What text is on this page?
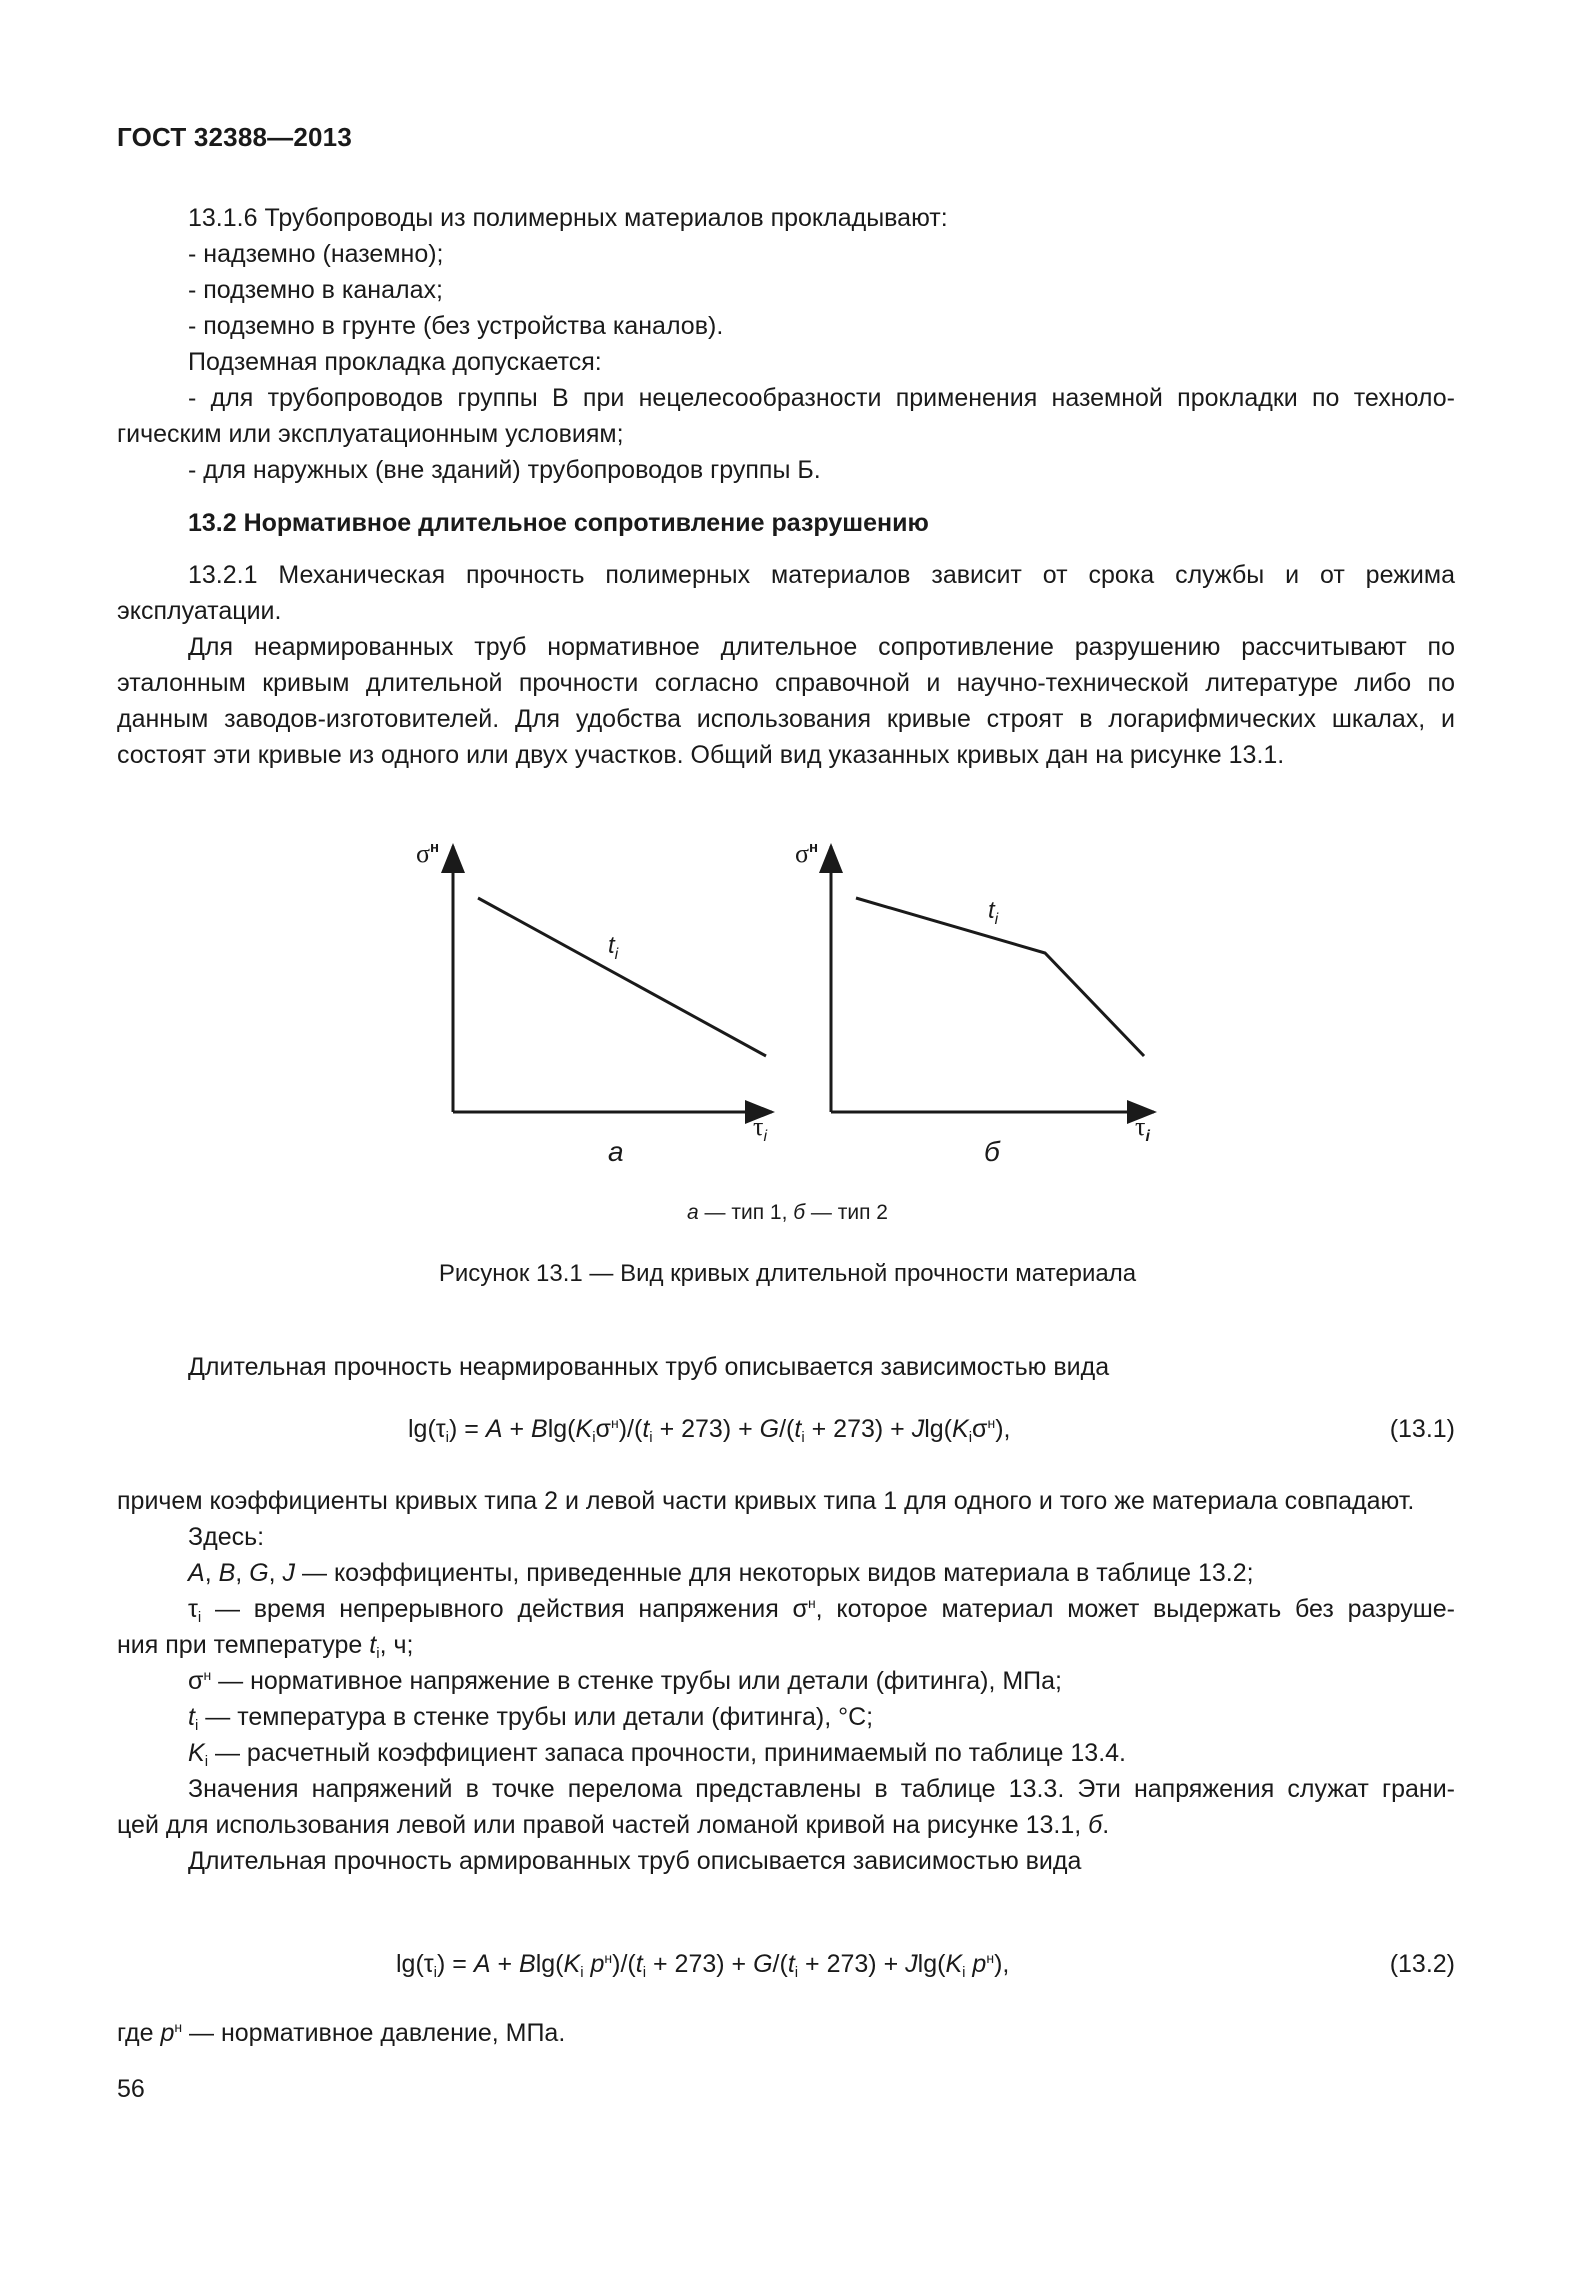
ГОСТ 32388—2013

13.1.6 Трубопроводы из полимерных материалов прокладывают:

- надземно (наземно);

- подземно в каналах;

- подземно в грунте (без устройства каналов).

Подземная прокладка допускается:

- для трубопроводов группы В при нецелесообразности применения наземной прокладки по техноло-

гическим или эксплуатационным условиям;

- для наружных (вне зданий) трубопроводов группы Б.

13.2 Нормативное длительное сопротивление разрушению

13.2.1 Механическая прочность полимерных материалов зависит от срока службы и от режима эксплуатации.

Для неармированных труб нормативное длительное сопротивление разрушению рассчитывают по эталонным кривым длительной прочности согласно справочной и научно-технической литературе либо по данным заводов-изготовителей. Для удобства использования кривые строят в логарифмических шкалах, и состоят эти кривые из одного или двух участков. Общий вид указанных кривых дан на рисунке 13.1.

$\sigma^н$
$t_i$
$\tau_i$
а
$\sigma^н$
$t_i$
$\tau_i$
б
а — тип 1, б — тип 2
Рисунок 13.1 — Вид кривых длительной прочности материала

Длительная прочность неармированных труб описывается зависимостью вида

$\lg(\tau_i) = A + Blg(K_i\sigma^н)/(t_i + 273) + G/(t_i + 273) + Jlg(K_i\sigma^н)$,	(13.1)

причем коэффициенты кривых типа 2 и левой части кривых типа 1 для одного и того же материала совпадают.

Здесь:

A, B, G, J — коэффициенты, приведенные для некоторых видов материала в таблице 13.2;

$\tau_i$ — время непрерывного действия напряжения $\sigma^н$, которое материал может выдержать без разруше-

ния при температуре $t_i$, ч;

$\sigma^н$ — нормативное напряжение в стенке трубы или детали (фитинга), МПа;

$t_i$ — температура в стенке трубы или детали (фитинга), °С;

$K_i$ — расчетный коэффициент запаса прочности, принимаемый по таблице 13.4.

Значения напряжений в точке перелома представлены в таблице 13.3. Эти напряжения служат грани-

цей для использования левой или правой частей ломаной кривой на рисунке 13.1, б.

Длительная прочность армированных труб описывается зависимостью вида

$\lg(\tau_i) = A + Blg(K_i$ $p^н)/(t_i + 273) + G/(t_i + 273) + Jlg(K_i$ $p^н$),	(13.2)

где $p^н$ — нормативное давление, МПа.

56
